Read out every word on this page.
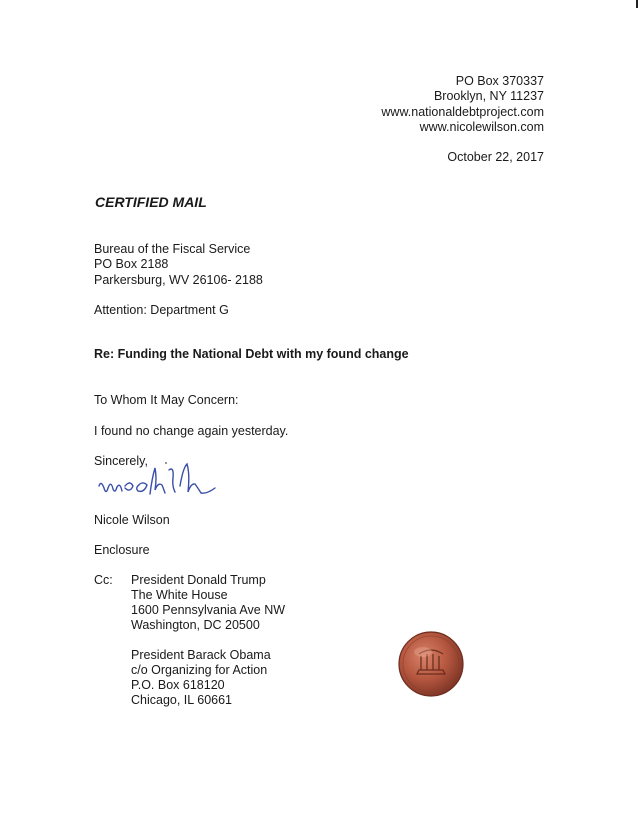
PO Box 370337
Brooklyn, NY 11237
www.nationaldebtproject.com
www.nicolewilson.com
October 22, 2017
CERTIFIED MAIL
Bureau of the Fiscal Service
PO Box 2188
Parkersburg, WV 26106- 2188
Attention: Department G
Re: Funding the National Debt with my found change
To Whom It May Concern:
I found no change again yesterday.
Sincerely,
Nicole Wilson
Enclosure
Cc: President Donald Trump
The White House
1600 Pennsylvania Ave NW
Washington, DC 20500
President Barack Obama
c/o Organizing for Action
P.O. Box 618120
Chicago, IL 60661
